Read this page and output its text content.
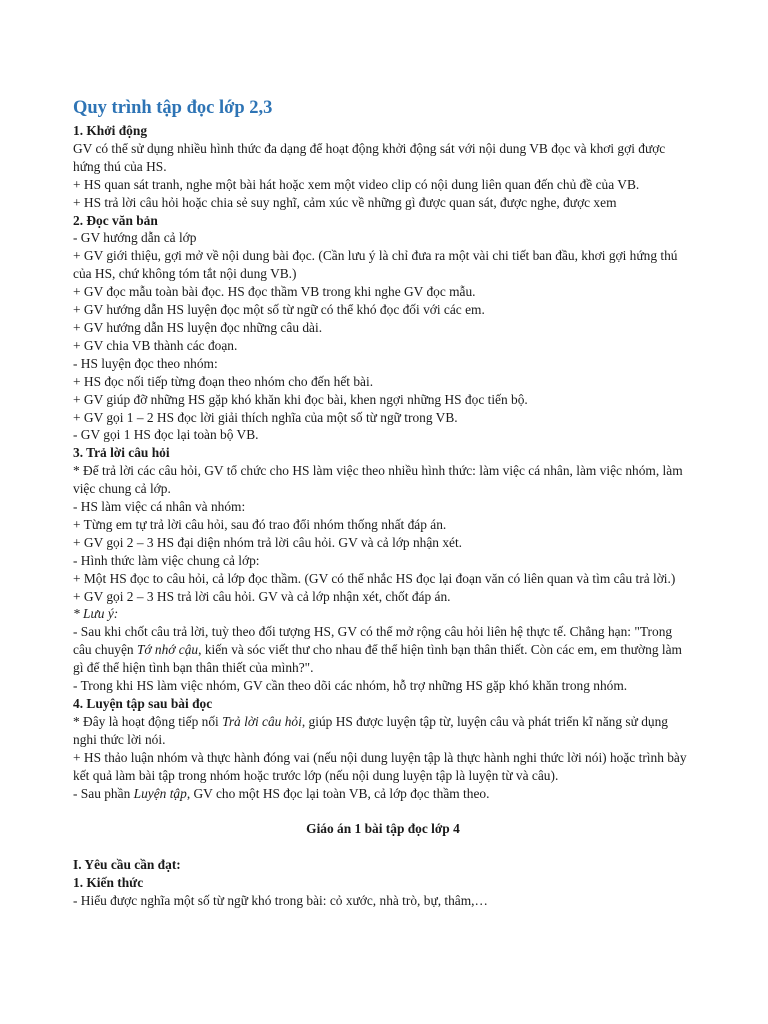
Quy trình tập đọc lớp 2,3
1. Khởi động
GV có thể sử dụng nhiều hình thức đa dạng để hoạt động khởi động sát với nội dung VB đọc và khơi gợi được hứng thú của HS.
+ HS quan sát tranh, nghe một bài hát hoặc xem một video clip có nội dung liên quan đến chủ đề của VB.
+ HS trả lời câu hỏi hoặc chia sẻ suy nghĩ, cảm xúc về những gì được quan sát, được nghe, được xem
2. Đọc văn bản
- GV hướng dẫn cả lớp
+ GV giới thiệu, gợi mở về nội dung bài đọc. (Cần lưu ý là chỉ đưa ra một vài chi tiết ban đầu, khơi gợi hứng thú của HS, chứ không tóm tắt nội dung VB.)
+ GV đọc mẫu toàn bài đọc. HS đọc thầm VB trong khi nghe GV đọc mẫu.
+ GV hướng dẫn HS luyện đọc một số từ ngữ có thể khó đọc đối với các em.
+ GV hướng dẫn HS luyện đọc những câu dài.
+ GV chia VB thành các đoạn.
- HS luyện đọc theo nhóm:
+ HS đọc nối tiếp từng đoạn theo nhóm cho đến hết bài.
+ GV giúp đỡ những HS gặp khó khăn khi đọc bài, khen ngợi những HS đọc tiến bộ.
+ GV gọi 1 – 2 HS đọc lời giải thích nghĩa của một số từ ngữ trong VB.
- GV gọi 1 HS đọc lại toàn bộ VB.
3. Trả lời câu hỏi
* Để trả lời các câu hỏi, GV tổ chức cho HS làm việc theo nhiều hình thức: làm việc cá nhân, làm việc nhóm, làm việc chung cả lớp.
- HS làm việc cá nhân và nhóm:
+ Từng em tự trả lời câu hỏi, sau đó trao đổi nhóm thống nhất đáp án.
+ GV gọi 2 – 3 HS đại diện nhóm trả lời câu hỏi. GV và cả lớp nhận xét.
- Hình thức làm việc chung cả lớp:
+ Một HS đọc to câu hỏi, cả lớp đọc thầm. (GV có thể nhắc HS đọc lại đoạn văn có liên quan và tìm câu trả lời.)
+ GV gọi 2 – 3 HS trả lời câu hỏi. GV và cả lớp nhận xét, chốt đáp án.
* Lưu ý:
- Sau khi chốt câu trả lời, tuỳ theo đối tượng HS, GV có thể mở rộng câu hỏi liên hệ thực tế. Chẳng hạn: "Trong câu chuyện Tớ nhớ cậu, kiến và sóc viết thư cho nhau để thể hiện tình bạn thân thiết. Còn các em, em thường làm gì để thể hiện tình bạn thân thiết của mình?".
- Trong khi HS làm việc nhóm, GV cần theo dõi các nhóm, hỗ trợ những HS gặp khó khăn trong nhóm.
4. Luyện tập sau bài đọc
* Đây là hoạt động tiếp nối Trả lời câu hỏi, giúp HS được luyện tập từ, luyện câu và phát triển kĩ năng sử dụng nghi thức lời nói.
+ HS thảo luận nhóm và thực hành đóng vai (nếu nội dung luyện tập là thực hành nghi thức lời nói) hoặc trình bày kết quả làm bài tập trong nhóm hoặc trước lớp (nếu nội dung luyện tập là luyện từ và câu).
- Sau phần Luyện tập, GV cho một HS đọc lại toàn VB, cả lớp đọc thầm theo.
Giáo án 1 bài tập đọc lớp 4
I. Yêu cầu cần đạt:
1. Kiến thức
- Hiểu được nghĩa một số từ ngữ khó trong bài: cỏ xước, nhà trò, bự, thâm,…
